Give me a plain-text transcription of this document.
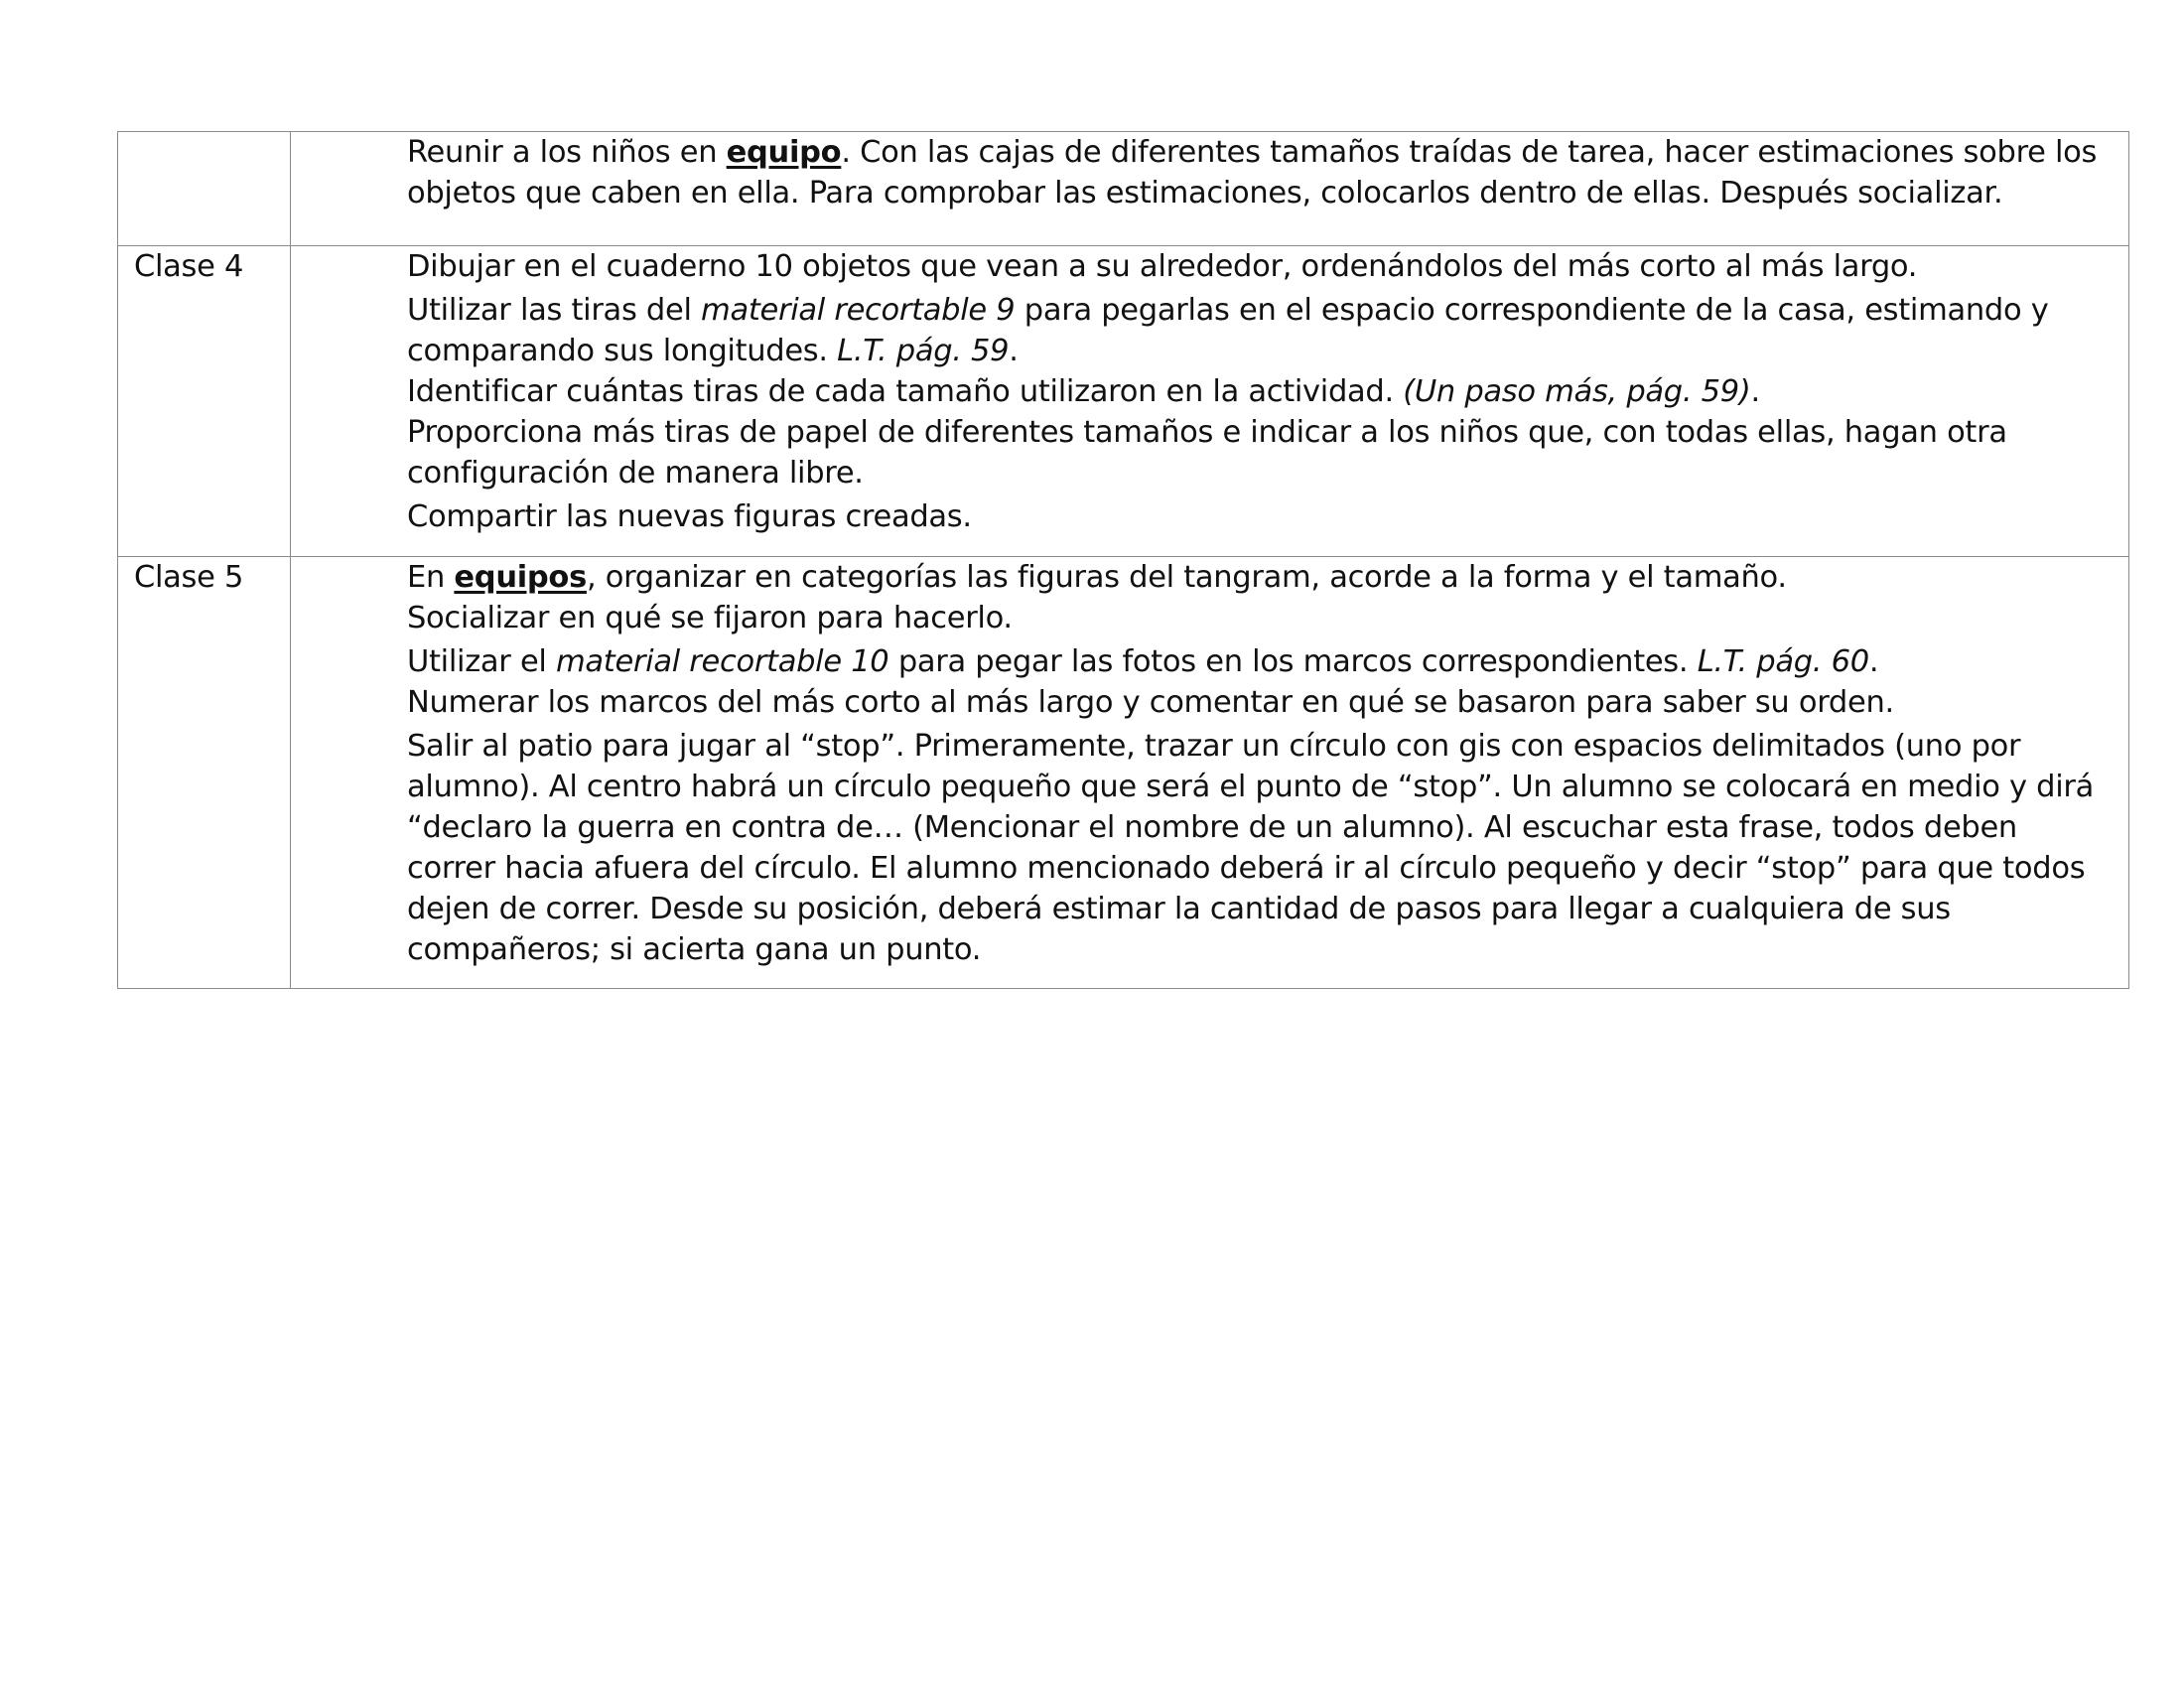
	Reunir a los niños en equipo. Con las cajas de diferentes tamaños traídas de tarea, hacer estimaciones sobre los objetos que caben en ella. Para comprobar las estimaciones, colocarlos dentro de ellas. Después socializar.

Clase 4	Dibujar en el cuaderno 10 objetos que vean a su alrededor, ordenándolos del más corto al más largo.

Utilizar las tiras del material recortable 9 para pegarlas en el espacio correspondiente de la casa, estimando y comparando sus longitudes. L.T. pág. 59.

Identificar cuántas tiras de cada tamaño utilizaron en la actividad. (Un paso más, pág. 59).

Proporciona más tiras de papel de diferentes tamaños e indicar a los niños que, con todas ellas, hagan otra configuración de manera libre.

Compartir las nuevas figuras creadas.

Clase 5	En equipos, organizar en categorías las figuras del tangram, acorde a la forma y el tamaño.

Socializar en qué se fijaron para hacerlo.

Utilizar el material recortable 10 para pegar las fotos en los marcos correspondientes. L.T. pág. 60.

Numerar los marcos del más corto al más largo y comentar en qué se basaron para saber su orden.

Salir al patio para jugar al “stop”. Primeramente, trazar un círculo con gis con espacios delimitados (uno por alumno). Al centro habrá un círculo pequeño que será el punto de “stop”. Un alumno se colocará en medio y dirá “declaro la guerra en contra de… (Mencionar el nombre de un alumno). Al escuchar esta frase, todos deben correr hacia afuera del círculo. El alumno mencionado deberá ir al círculo pequeño y decir “stop” para que todos dejen de correr. Desde su posición, deberá estimar la cantidad de pasos para llegar a cualquiera de sus compañeros; si acierta gana un punto.
